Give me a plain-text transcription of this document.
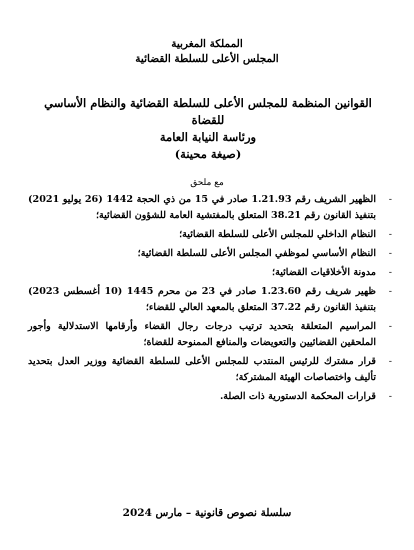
المملكة المغربية
المجلس الأعلى للسلطة القضائية
القوانين المنظمة للمجلس الأعلى للسلطة القضائية والنظام الأساسي للقضاة
ورئاسة النيابة العامة
(صيغة محينة)
مع ملحق
-
الظهير الشريف رقم 1.21.93 صادر في 15 من ذي الحجة 1442 (26 يوليو 2021) بتنفيذ القانون رقم 38.21 المتعلق بالمفتشية العامة للشؤون القضائية؛
-
النظام الداخلي للمجلس الأعلى للسلطة القضائية؛
-
النظام الأساسي لموظفي المجلس الأعلى للسلطة القضائية؛
-
مدونة الأخلاقيات القضائية؛
-
ظهير شريف رقم 1.23.60 صادر في 23 من محرم 1445 (10 أغسطس 2023) بتنفيذ القانون رقم 37.22 المتعلق بالمعهد العالي للقضاء؛
-
المراسيم المتعلقة بتحديد ترتيب درجات رجال القضاء وأرقامها الاستدلالية وأجور الملحقين القضائيين والتعويضات والمنافع الممنوحة للقضاة؛
-
قرار مشترك للرئيس المنتدب للمجلس الأعلى للسلطة القضائية ووزير العدل بتحديد تأليف واختصاصات الهيئة المشتركة؛
-
قرارات المحكمة الدستورية ذات الصلة.
سلسلة نصوص قانونية – مارس 2024
